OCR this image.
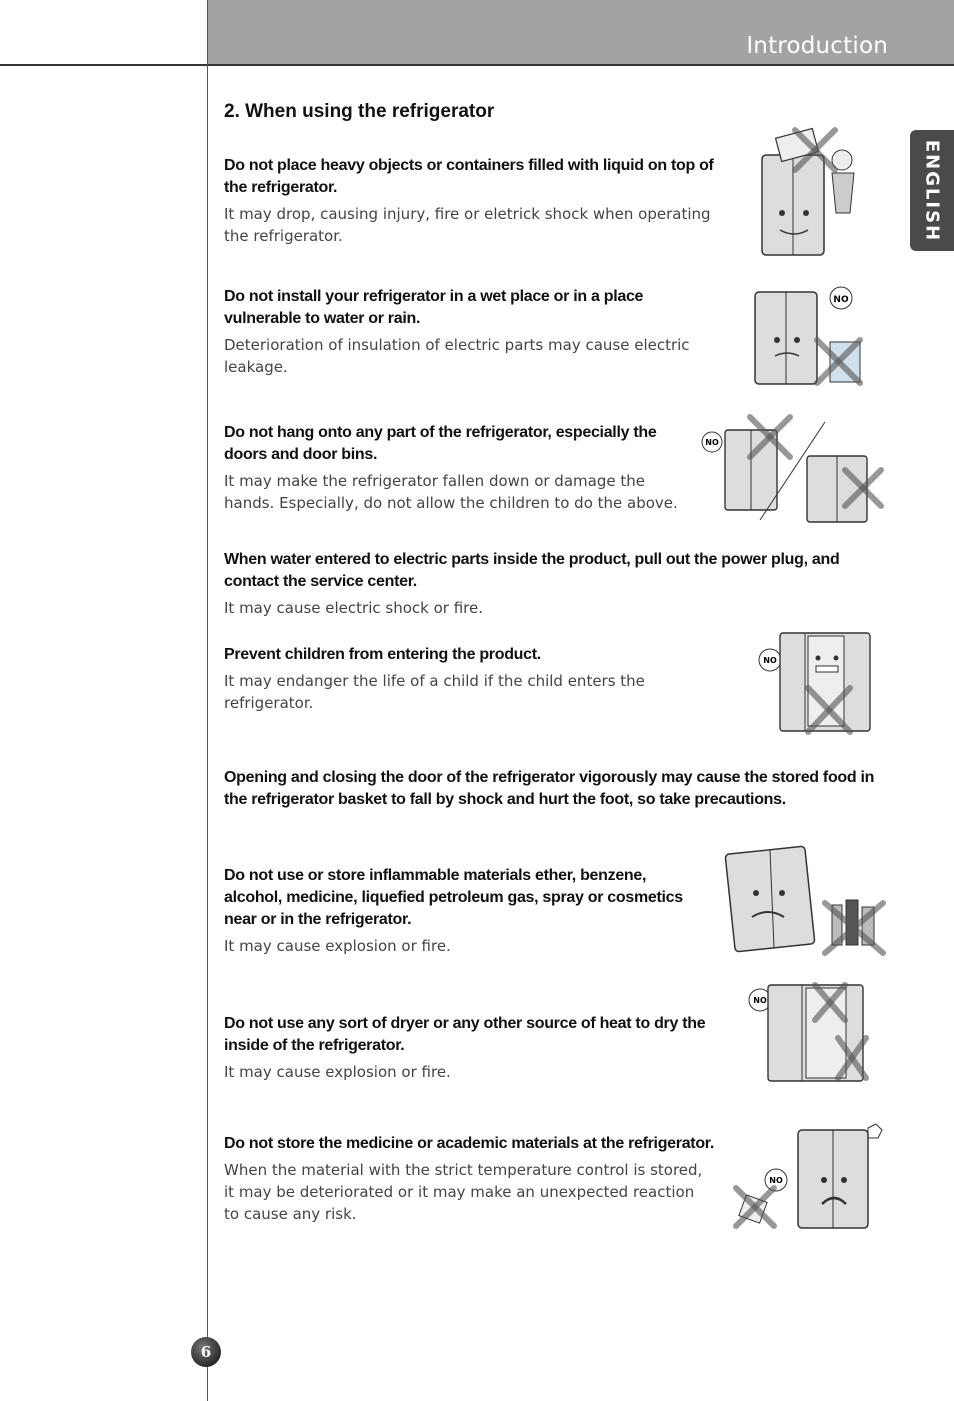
Introduction
ENGLISH
2. When using the refrigerator

Do not place heavy objects or containers filled with liquid on top of the refrigerator.

It may drop, causing injury, fire or eletrick shock when operating the refrigerator.

Do not install your refrigerator in a wet place or in a place vulnerable to water or rain.

Deterioration of insulation of electric parts may cause electric leakage.

Do not hang onto any part of the refrigerator, especially the doors and door bins.

It may make the refrigerator fallen down or damage the hands. Especially, do not allow the children to do the above.

When water entered to electric parts inside the product, pull out the power plug, and contact the service center.

It may cause electric shock or fire.

Prevent children from entering the product.

It may endanger the life of a child if the child enters the refrigerator.

Opening and closing the door of the refrigerator vigorously may cause the stored food in the refrigerator basket to fall by shock and hurt the foot, so take precautions.

Do not use or store inflammable materials ether, benzene, alcohol, medicine, liquefied petroleum gas, spray or cosmetics near or in the refrigerator.

It may cause explosion or fire.

Do not use any sort of dryer or any other source of heat to dry the inside of the refrigerator.

It may cause explosion or fire.

Do not store the medicine or academic materials at the refrigerator.

When the material with the strict temperature control is stored, it may be deteriorated or it may make an unexpected reaction to cause any risk.

NO
NO
NO
NO
NO
6
